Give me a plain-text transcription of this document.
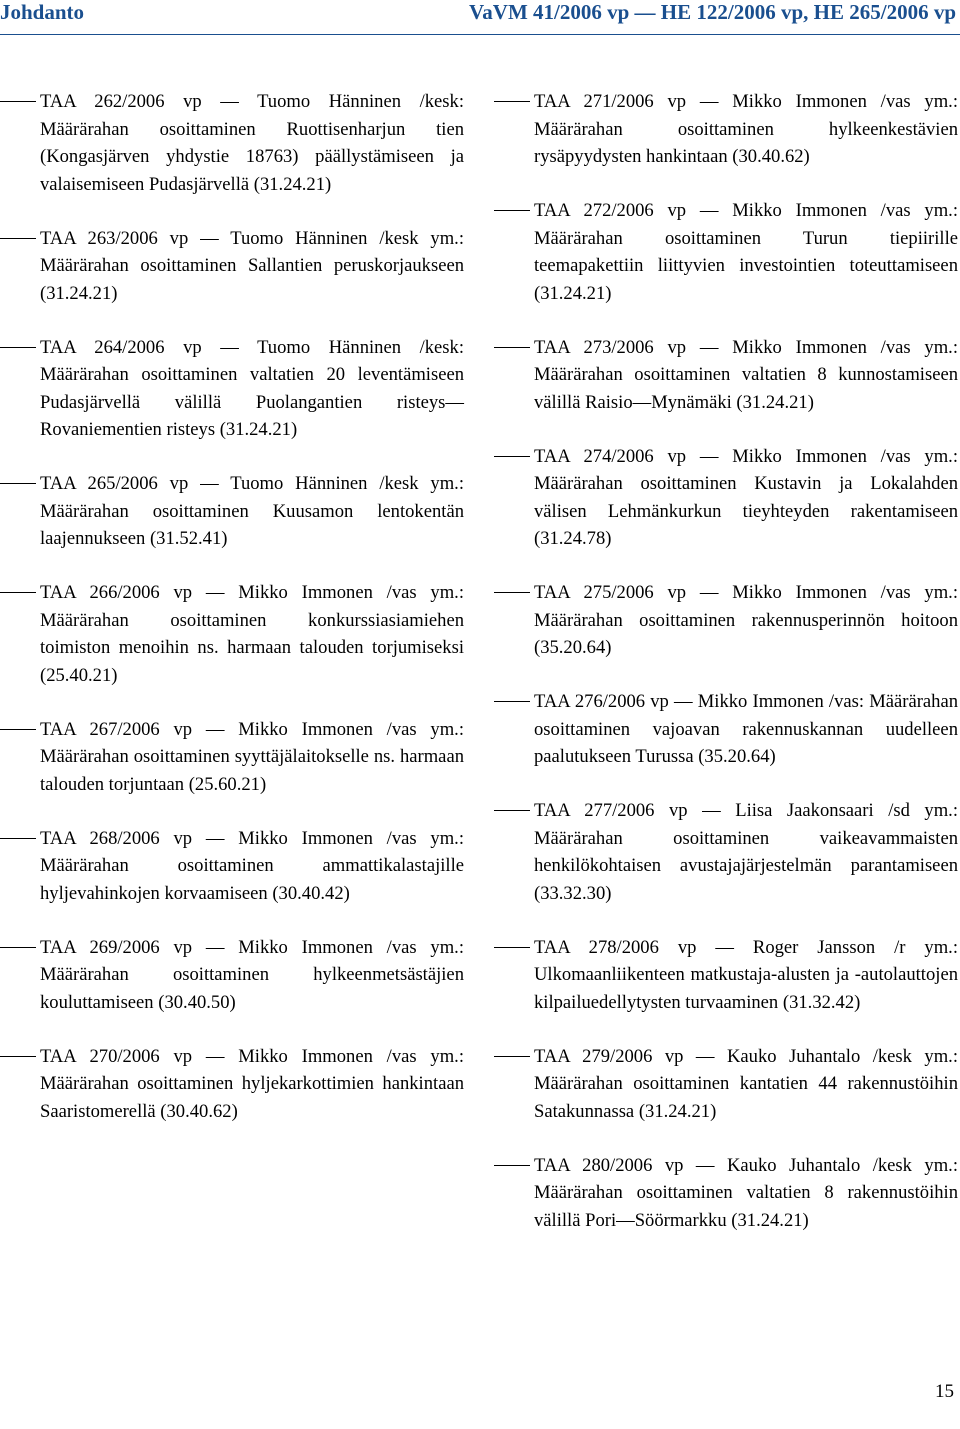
Johdanto	VaVM 41/2006 vp — HE 122/2006 vp, HE 265/2006 vp

TAA 262/2006 vp — Tuomo Hänninen /kesk: Määrärahan osoittaminen Ruottisenharjun tien (Kongasjärven yhdystie 18763) päällystämiseen ja valaisemiseen Pudasjärvellä (31.24.21)

TAA 263/2006 vp — Tuomo Hänninen /kesk ym.: Määrärahan osoittaminen Sallantien peruskorjaukseen (31.24.21)

TAA 264/2006 vp — Tuomo Hänninen /kesk: Määrärahan osoittaminen valtatien 20 leventämiseen Pudasjärvellä välillä Puolangantien risteys—Rovaniementien risteys (31.24.21)

TAA 265/2006 vp — Tuomo Hänninen /kesk ym.: Määrärahan osoittaminen Kuusamon lentokentän laajennukseen (31.52.41)

TAA 266/2006 vp — Mikko Immonen /vas ym.: Määrärahan osoittaminen konkurssiasiamiehen toimiston menoihin ns. harmaan talouden torjumiseksi (25.40.21)

TAA 267/2006 vp — Mikko Immonen /vas ym.: Määrärahan osoittaminen syyttäjälaitokselle ns. harmaan talouden torjuntaan (25.60.21)

TAA 268/2006 vp — Mikko Immonen /vas ym.: Määrärahan osoittaminen ammattikalastajille hyljevahinkojen korvaamiseen (30.40.42)

TAA 269/2006 vp — Mikko Immonen /vas ym.: Määrärahan osoittaminen hylkeenmetsästäjien kouluttamiseen (30.40.50)

TAA 270/2006 vp — Mikko Immonen /vas ym.: Määrärahan osoittaminen hyljekarkottimien hankintaan Saaristomerellä (30.40.62)

TAA 271/2006 vp — Mikko Immonen /vas ym.: Määrärahan osoittaminen hylkeenkestävien rysäpyydysten hankintaan (30.40.62)

TAA 272/2006 vp — Mikko Immonen /vas ym.: Määrärahan osoittaminen Turun tiepiirille teemapakettiin liittyvien investointien toteuttamiseen (31.24.21)

TAA 273/2006 vp — Mikko Immonen /vas ym.: Määrärahan osoittaminen valtatien 8 kunnostamiseen välillä Raisio—Mynämäki (31.24.21)

TAA 274/2006 vp — Mikko Immonen /vas ym.: Määrärahan osoittaminen Kustavin ja Lokalahden välisen Lehmänkurkun tieyhteyden rakentamiseen (31.24.78)

TAA 275/2006 vp — Mikko Immonen /vas ym.: Määrärahan osoittaminen rakennusperinnön hoitoon (35.20.64)

TAA 276/2006 vp — Mikko Immonen /vas: Määrärahan osoittaminen vajoavan rakennuskannan uudelleen paalutukseen Turussa (35.20.64)

TAA 277/2006 vp — Liisa Jaakonsaari /sd ym.: Määrärahan osoittaminen vaikeavammaisten henkilökohtaisen avustajajärjestelmän parantamiseen (33.32.30)

TAA 278/2006 vp — Roger Jansson /r ym.: Ulkomaanliikenteen matkustaja-alusten ja -autolauttojen kilpailuedellytysten turvaaminen (31.32.42)

TAA 279/2006 vp — Kauko Juhantalo /kesk ym.: Määrärahan osoittaminen kantatien 44 rakennustöihin Satakunnassa (31.24.21)

TAA 280/2006 vp — Kauko Juhantalo /kesk ym.: Määrärahan osoittaminen valtatien 8 rakennustöihin välillä Pori—Söörmarkku (31.24.21)

15
